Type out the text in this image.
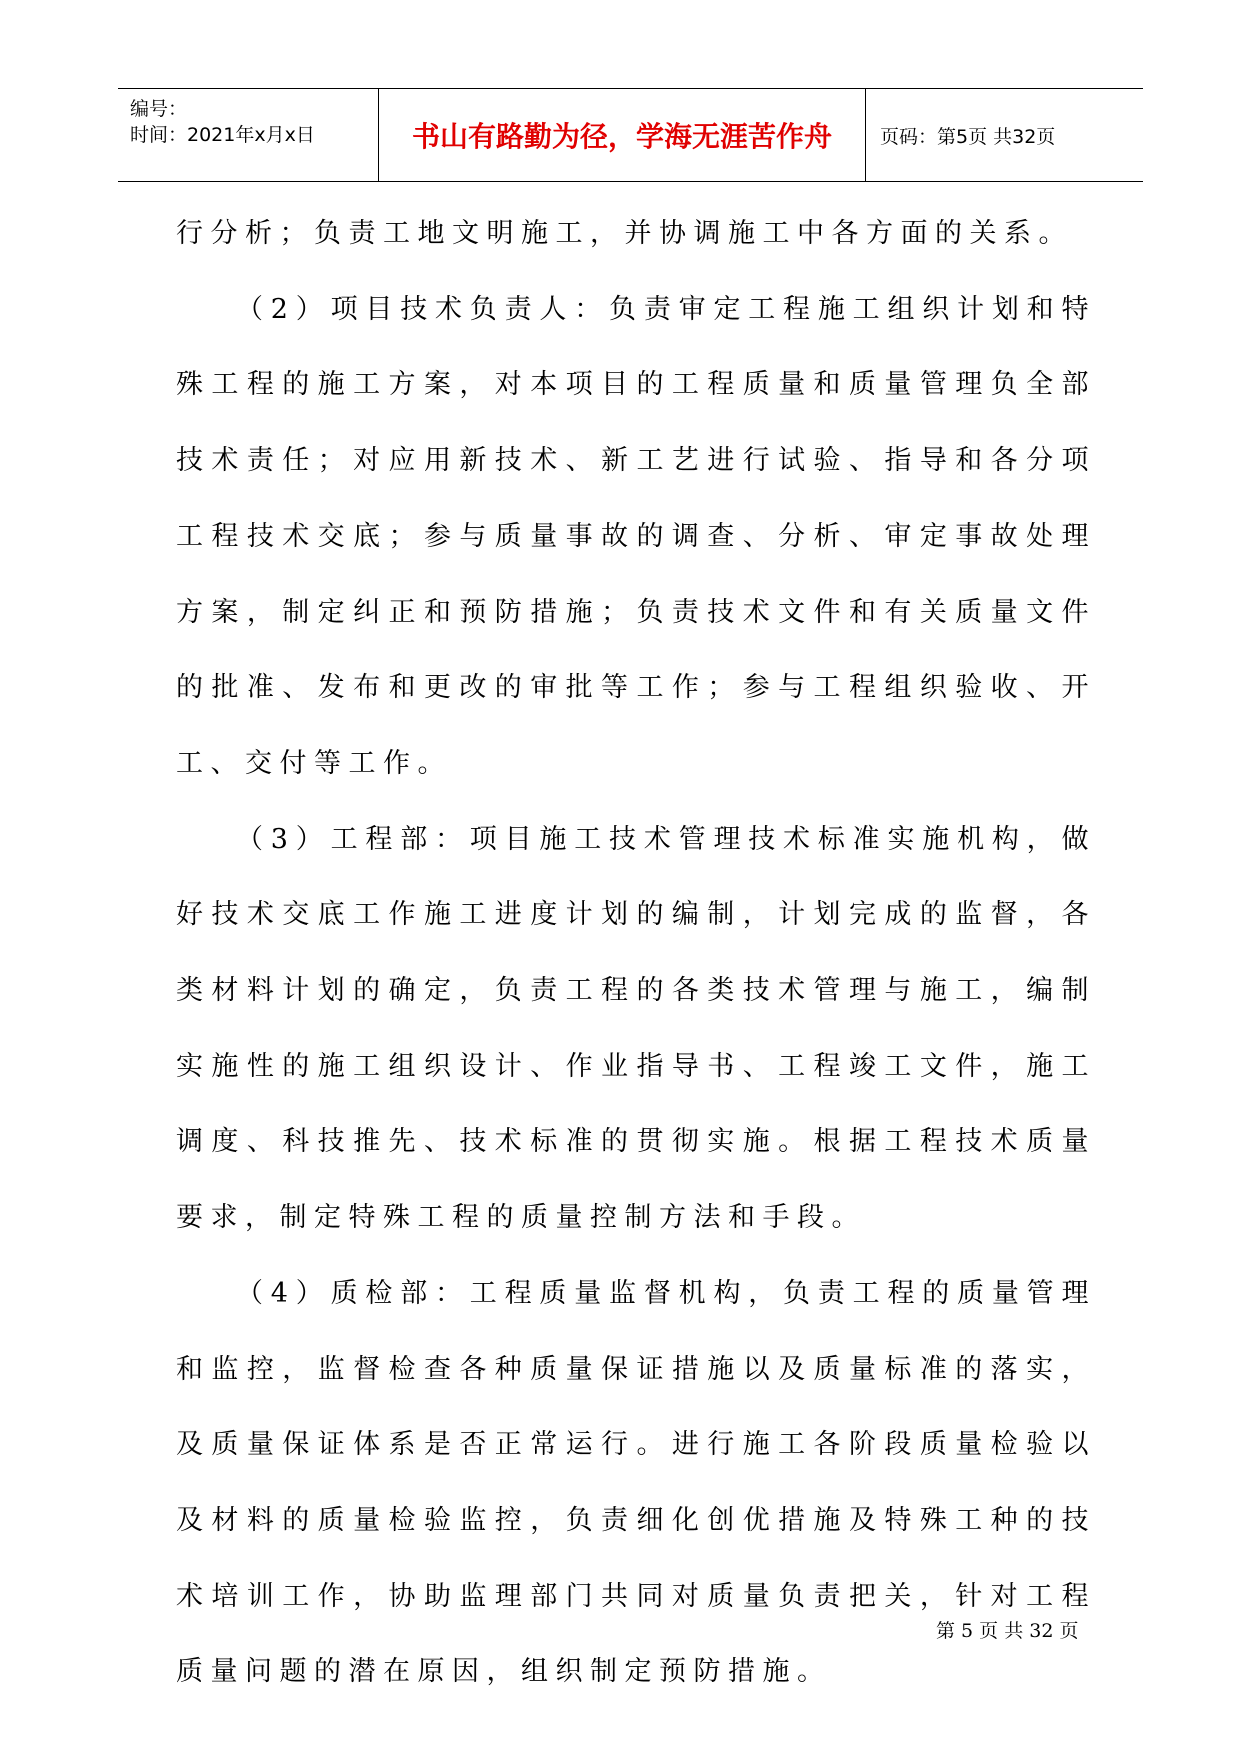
编号：
时间：2021年x月x日	书山有路勤为径，学海无涯苦作舟	页码：第5页 共32页

行分析；负责工地文明施工，并协调施工中各方面的关系。

（2）项目技术负责人：负责审定工程施工组织计划和特殊工程的施工方案，对本项目的工程质量和质量管理负全部技术责任；对应用新技术、新工艺进行试验、指导和各分项工程技术交底；参与质量事故的调查、分析、审定事故处理方案，制定纠正和预防措施；负责技术文件和有关质量文件的批准、发布和更改的审批等工作；参与工程组织验收、开工、交付等工作。

（3）工程部：项目施工技术管理技术标准实施机构，做好技术交底工作施工进度计划的编制，计划完成的监督，各类材料计划的确定，负责工程的各类技术管理与施工，编制实施性的施工组织设计、作业指导书、工程竣工文件，施工调度、科技推先、技术标准的贯彻实施。根据工程技术质量要求，制定特殊工程的质量控制方法和手段。

（4）质检部：工程质量监督机构，负责工程的质量管理和监控，监督检查各种质量保证措施以及质量标准的落实，及质量保证体系是否正常运行。进行施工各阶段质量检验以及材料的质量检验监控，负责细化创优措施及特殊工种的技术培训工作，协助监理部门共同对质量负责把关，针对工程质量问题的潜在原因，组织制定预防措施。

第 5 页 共 32 页
